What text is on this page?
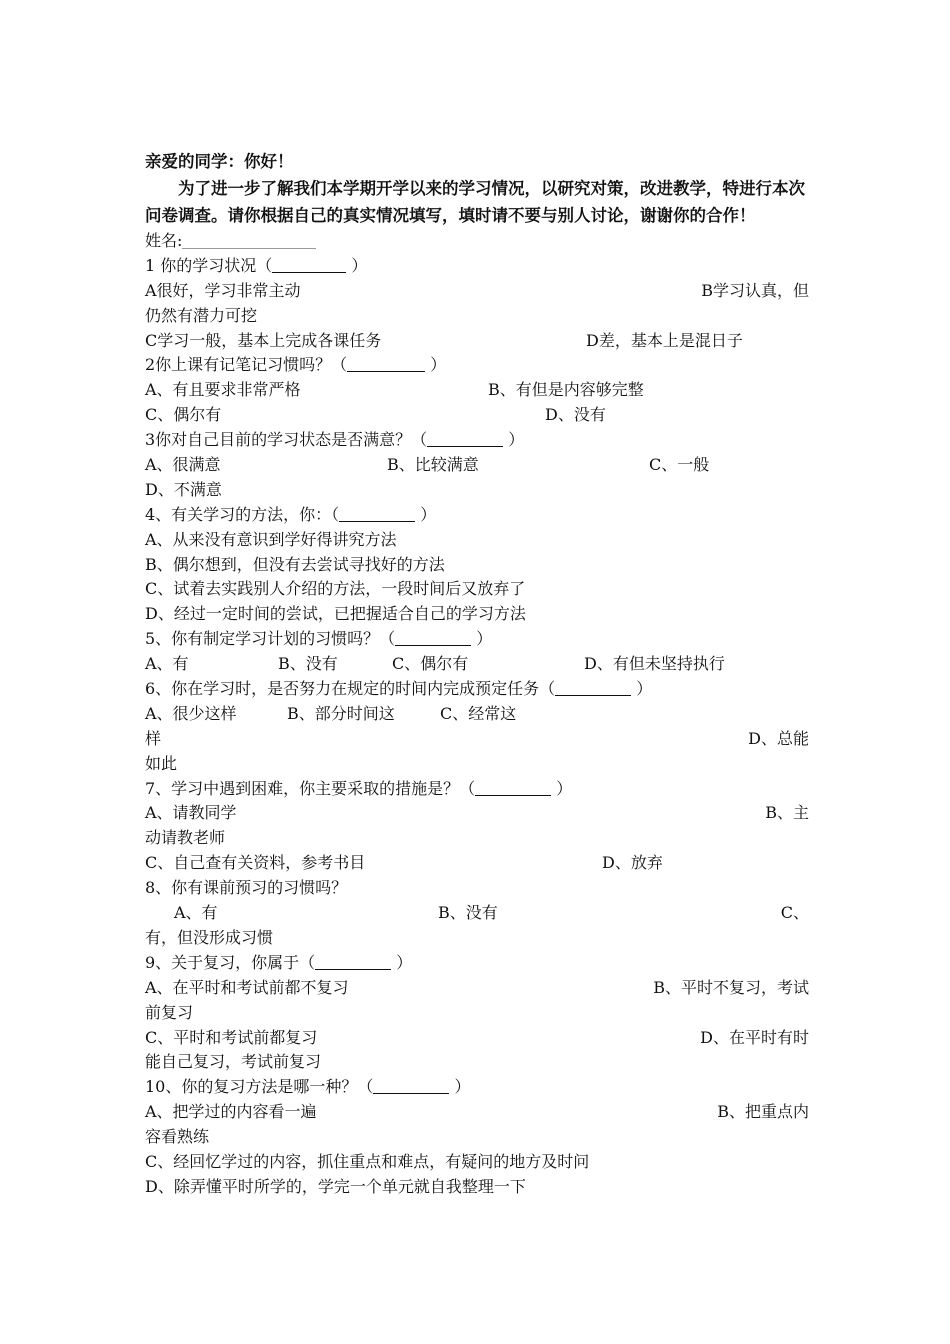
亲爱的同学：你好！

为了进一步了解我们本学期开学以来的学习情况，以研究对策，改进教学，特进行本次问卷调查。请你根据自己的真实情况填写，填时请不要与别人讨论，谢谢你的合作！

姓名:
1 你的学习状况（	）
A很好，学习非常主动	B学习认真，但
仍然有潜力可挖
C学习一般，基本上完成各课任务	D差，基本上是混日子
2你上课有记笔记习惯吗？（	）
A、有且要求非常严格	B、有但是内容够完整
C、偶尔有	D、没有
3你对自己目前的学习状态是否满意？（	）
A、很满意	B、比较满意	C、一般
D、不满意
4、有关学习的方法，你：（	）
A、从来没有意识到学好得讲究方法
B、偶尔想到，但没有去尝试寻找好的方法
C、试着去实践别人介绍的方法，一段时间后又放弃了
D、经过一定时间的尝试，已把握适合自己的学习方法
5、你有制定学习计划的习惯吗？（	）
A、有	B、没有	C、偶尔有	D、有但未坚持执行
6、你在学习时，是否努力在规定的时间内完成预定任务（	）
A、很少这样	B、部分时间这	C、经常这
样	D、总能
如此
7、学习中遇到困难，你主要采取的措施是？（	）
A、请教同学	B、主
动请教老师
C、自己查有关资料，参考书目	D、放弃
8、你有课前预习的习惯吗？
A、有	B、没有	C、
有，但没形成习惯
9、关于复习，你属于（	）
A、在平时和考试前都不复习	B、平时不复习，考试
前复习
C、平时和考试前都复习	D、在平时有时
能自己复习，考试前复习
10、你的复习方法是哪一种？（	）
A、把学过的内容看一遍	B、把重点内
容看熟练
C、经回忆学过的内容，抓住重点和难点，有疑问的地方及时问
D、除弄懂平时所学的，学完一个单元就自我整理一下
